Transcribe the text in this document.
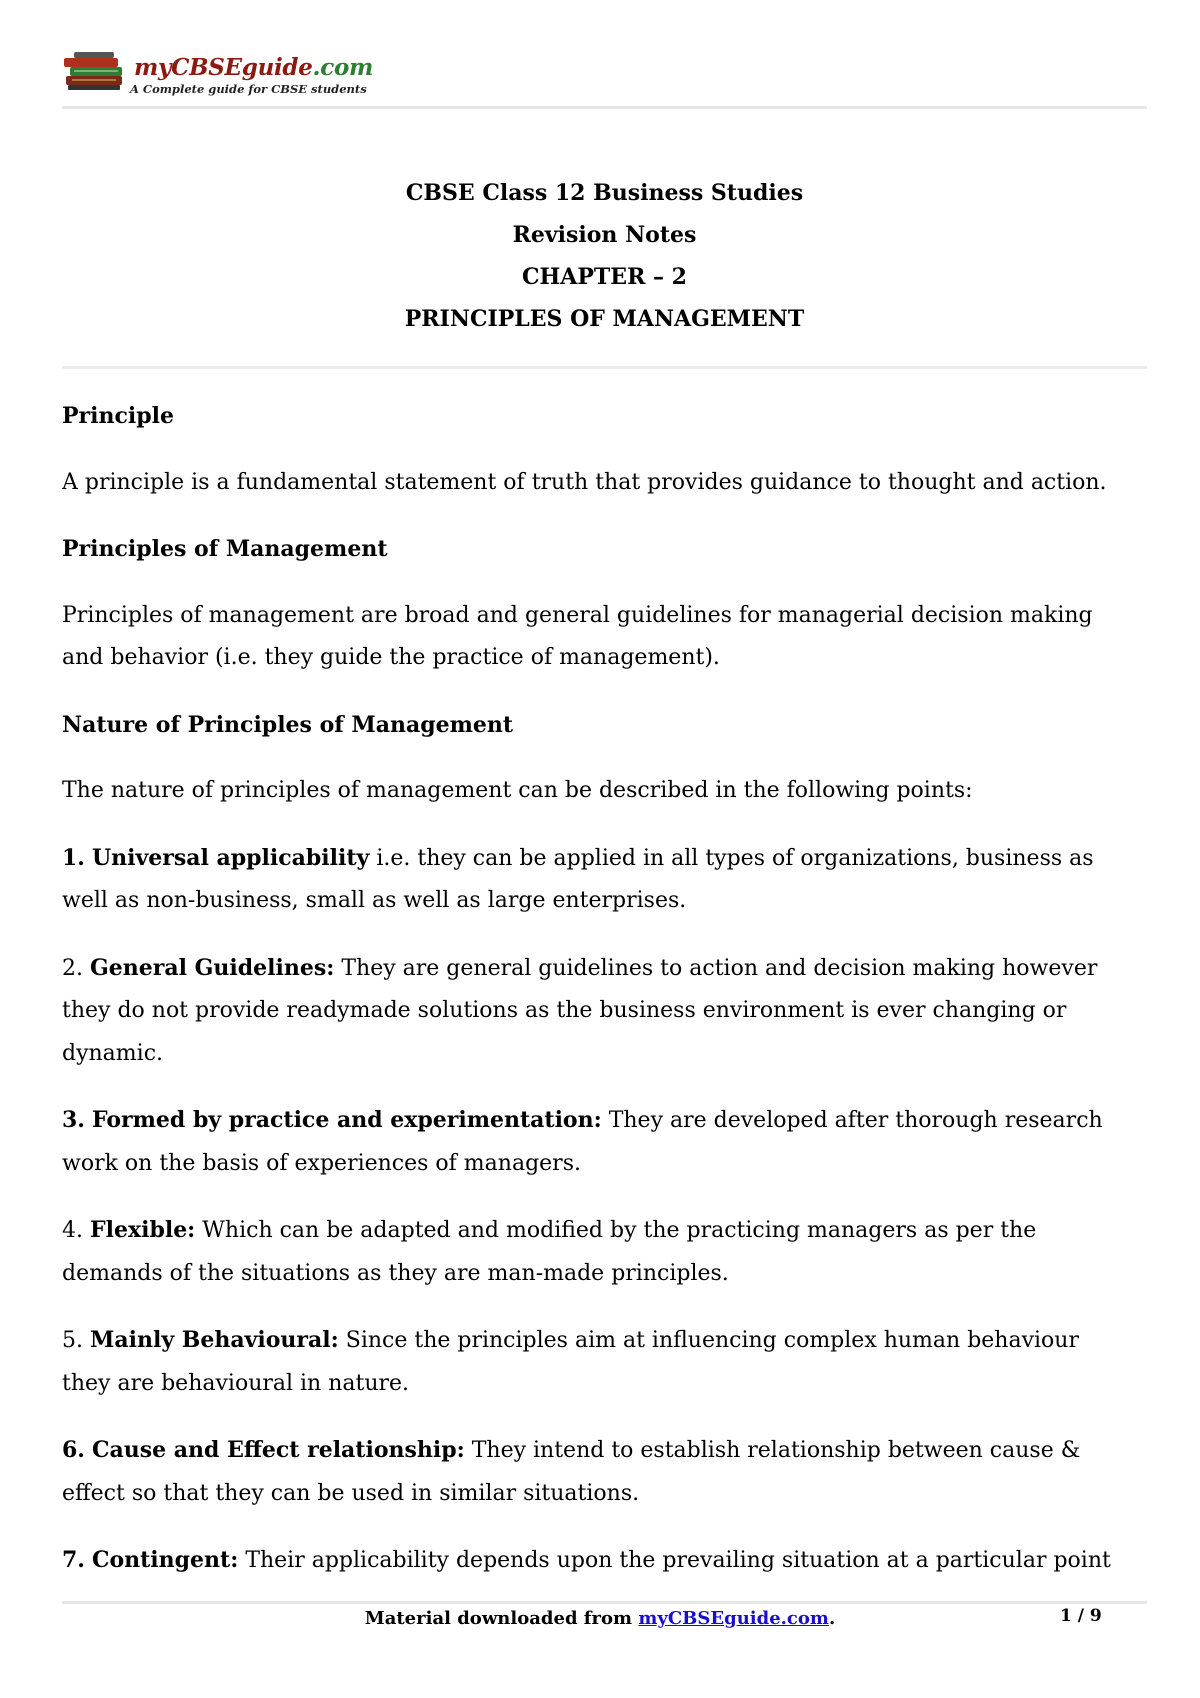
myCBSEguide.com
A Complete guide for CBSE students
CBSE Class 12 Business Studies
Revision Notes
CHAPTER – 2
PRINCIPLES OF MANAGEMENT

Principle

A principle is a fundamental statement of truth that provides guidance to thought and action.

Principles of Management

Principles of management are broad and general guidelines for managerial decision making
and behavior (i.e. they guide the practice of management).

Nature of Principles of Management

The nature of principles of management can be described in the following points:

1. Universal applicability i.e. they can be applied in all types of organizations, business as
well as non-business, small as well as large enterprises.

2. General Guidelines: They are general guidelines to action and decision making however
they do not provide readymade solutions as the business environment is ever changing or
dynamic.

3. Formed by practice and experimentation: They are developed after thorough research
work on the basis of experiences of managers.

4. Flexible: Which can be adapted and modified by the practicing managers as per the
demands of the situations as they are man-made principles.

5. Mainly Behavioural: Since the principles aim at influencing complex human behaviour
they are behavioural in nature.

6. Cause and Effect relationship: They intend to establish relationship between cause &
effect so that they can be used in similar situations.

7. Contingent: Their applicability depends upon the prevailing situation at a particular point

Material downloaded from myCBSEguide.com.	1 / 9
